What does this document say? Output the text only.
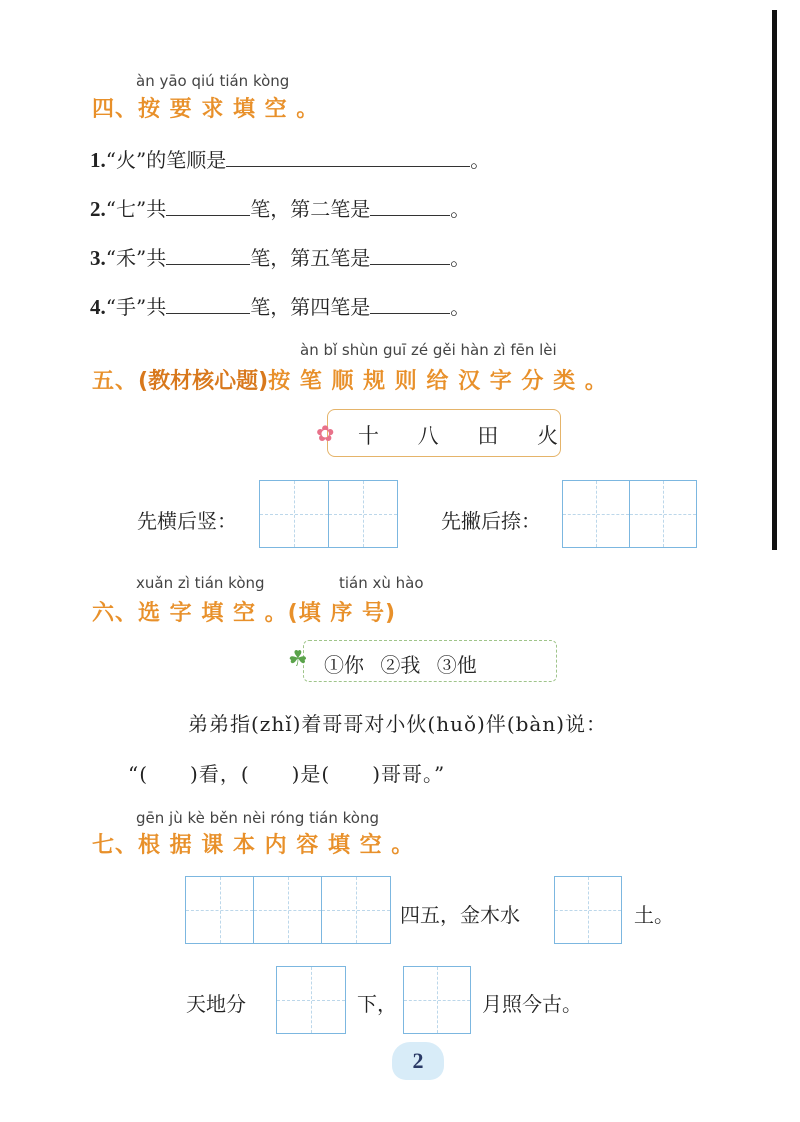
àn yāo qiú tián kòng
四、按 要 求 填 空 。
1.“火”的笔顺是	。
2.“七”共	笔，第二笔是	。
3.“禾”共	笔，第五笔是	。
4.“手”共	笔，第四笔是	。
àn bǐ shùn guī zé gěi hàn zì fēn lèi
五、(教材核心题)按 笔 顺 规 则 给 汉 字 分 类 。
✿ 十 八 田 火
先横后竖：	先撇后捺：
xuǎn zì tián kòng	tián xù hào
六、选 字 填 空 。(填 序 号)
☘ ①你 ②我 ③他
弟弟指(zhǐ)着哥哥对小伙(huǒ)伴(bàn)说：
“(　　)看，(　　)是(　　)哥哥。”
gēn jù kè běn nèi róng tián kòng
七、根 据 课 本 内 容 填 空 。
四五，金木水	土。
天地分	下，	月照今古。
2
